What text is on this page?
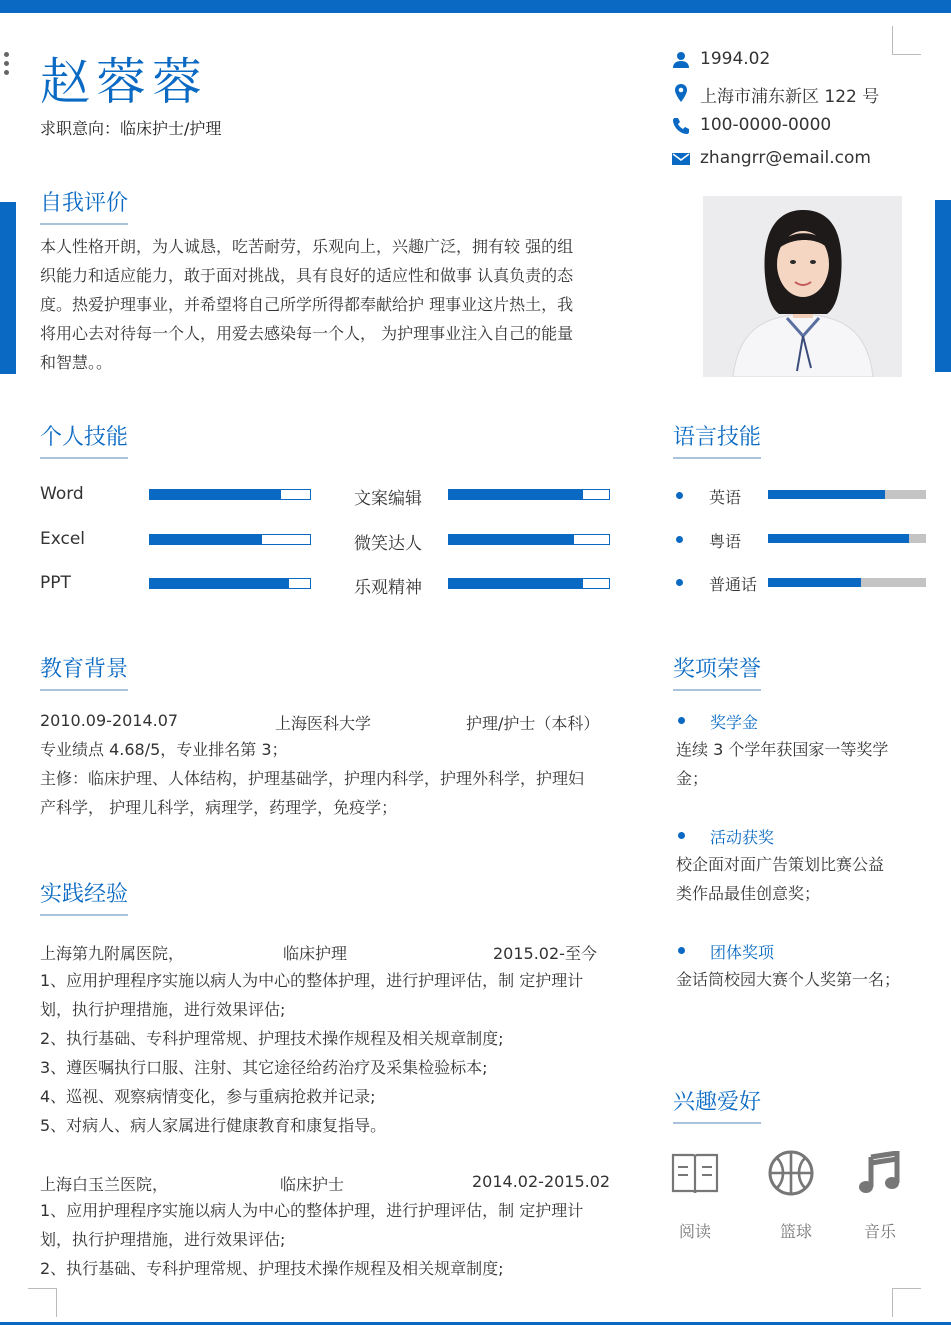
赵蓉蓉
求职意向：临床护士/护理
1994.02
上海市浦东新区 122 号
100-0000-0000
zhangrr@email.com
自我评价
本人性格开朗，为人诚恳，吃苦耐劳，乐观向上，兴趣广泛，拥有较 强的组
织能力和适应能力，敢于面对挑战，具有良好的适应性和做事 认真负责的态
度。热爱护理事业，并希望将自己所学所得都奉献给护 理事业这片热土，我
将用心去对待每一个人，用爱去感染每一个人， 为护理事业注入自己的能量
和智慧。。
个人技能
Word	文案编辑
Excel	微笑达人
PPT	乐观精神
语言技能
英语
粤语
普通话
教育背景
2010.09-2014.07	上海医科大学	护理/护士（本科）
专业绩点 4.68/5，专业排名第 3；
主修：临床护理、人体结构，护理基础学，护理内科学，护理外科学，护理妇
产科学， 护理儿科学，病理学，药理学，免疫学；
实践经验
上海第九附属医院，	临床护理	2015.02-至今
1、应用护理程序实施以病人为中心的整体护理，进行护理评估，制 定护理计
划，执行护理措施，进行效果评估;
2、执行基础、专科护理常规、护理技术操作规程及相关规章制度;
3、遵医嘱执行口服、注射、其它途径给药治疗及采集检验标本;
4、巡视、观察病情变化，参与重病抢救并记录;
5、对病人、病人家属进行健康教育和康复指导。
上海白玉兰医院，	临床护士	2014.02-2015.02
1、应用护理程序实施以病人为中心的整体护理，进行护理评估，制 定护理计
划，执行护理措施，进行效果评估;
2、执行基础、专科护理常规、护理技术操作规程及相关规章制度;
奖项荣誉
奖学金
连续 3 个学年获国家一等奖学
金；
活动获奖
校企面对面广告策划比赛公益
类作品最佳创意奖；
团体奖项
金话筒校园大赛个人奖第一名；
兴趣爱好
阅读	篮球	音乐
